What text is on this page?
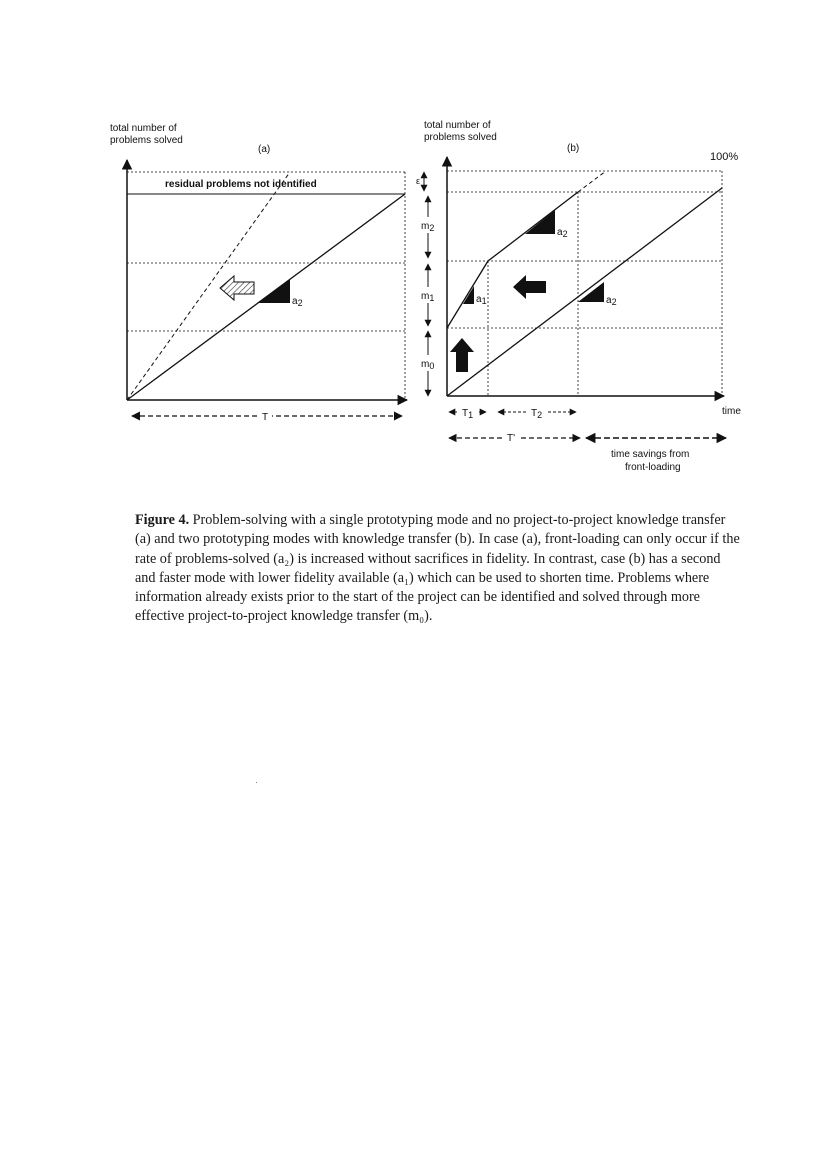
total number of
problems solved
(a)
residual problems not identified
a2
T
total number of
problems solved
(b)
100%
ε
m2
m1
m0
a1
a2
a2
time
T1	T2
T'
time savings from
front-loading
Figure 4. Problem-solving with a single prototyping mode and no project-to-project knowledge transfer (a) and two prototyping modes with knowledge transfer (b). In case (a), front-loading can only occur if the rate of problems-solved (a₂) is increased without sacrifices in fidelity. In contrast, case (b) has a second and faster mode with lower fidelity available (a₁) which can be used to shorten time. Problems where information already exists prior to the start of the project can be identified and solved through more effective project-to-project knowledge transfer (m₀).
